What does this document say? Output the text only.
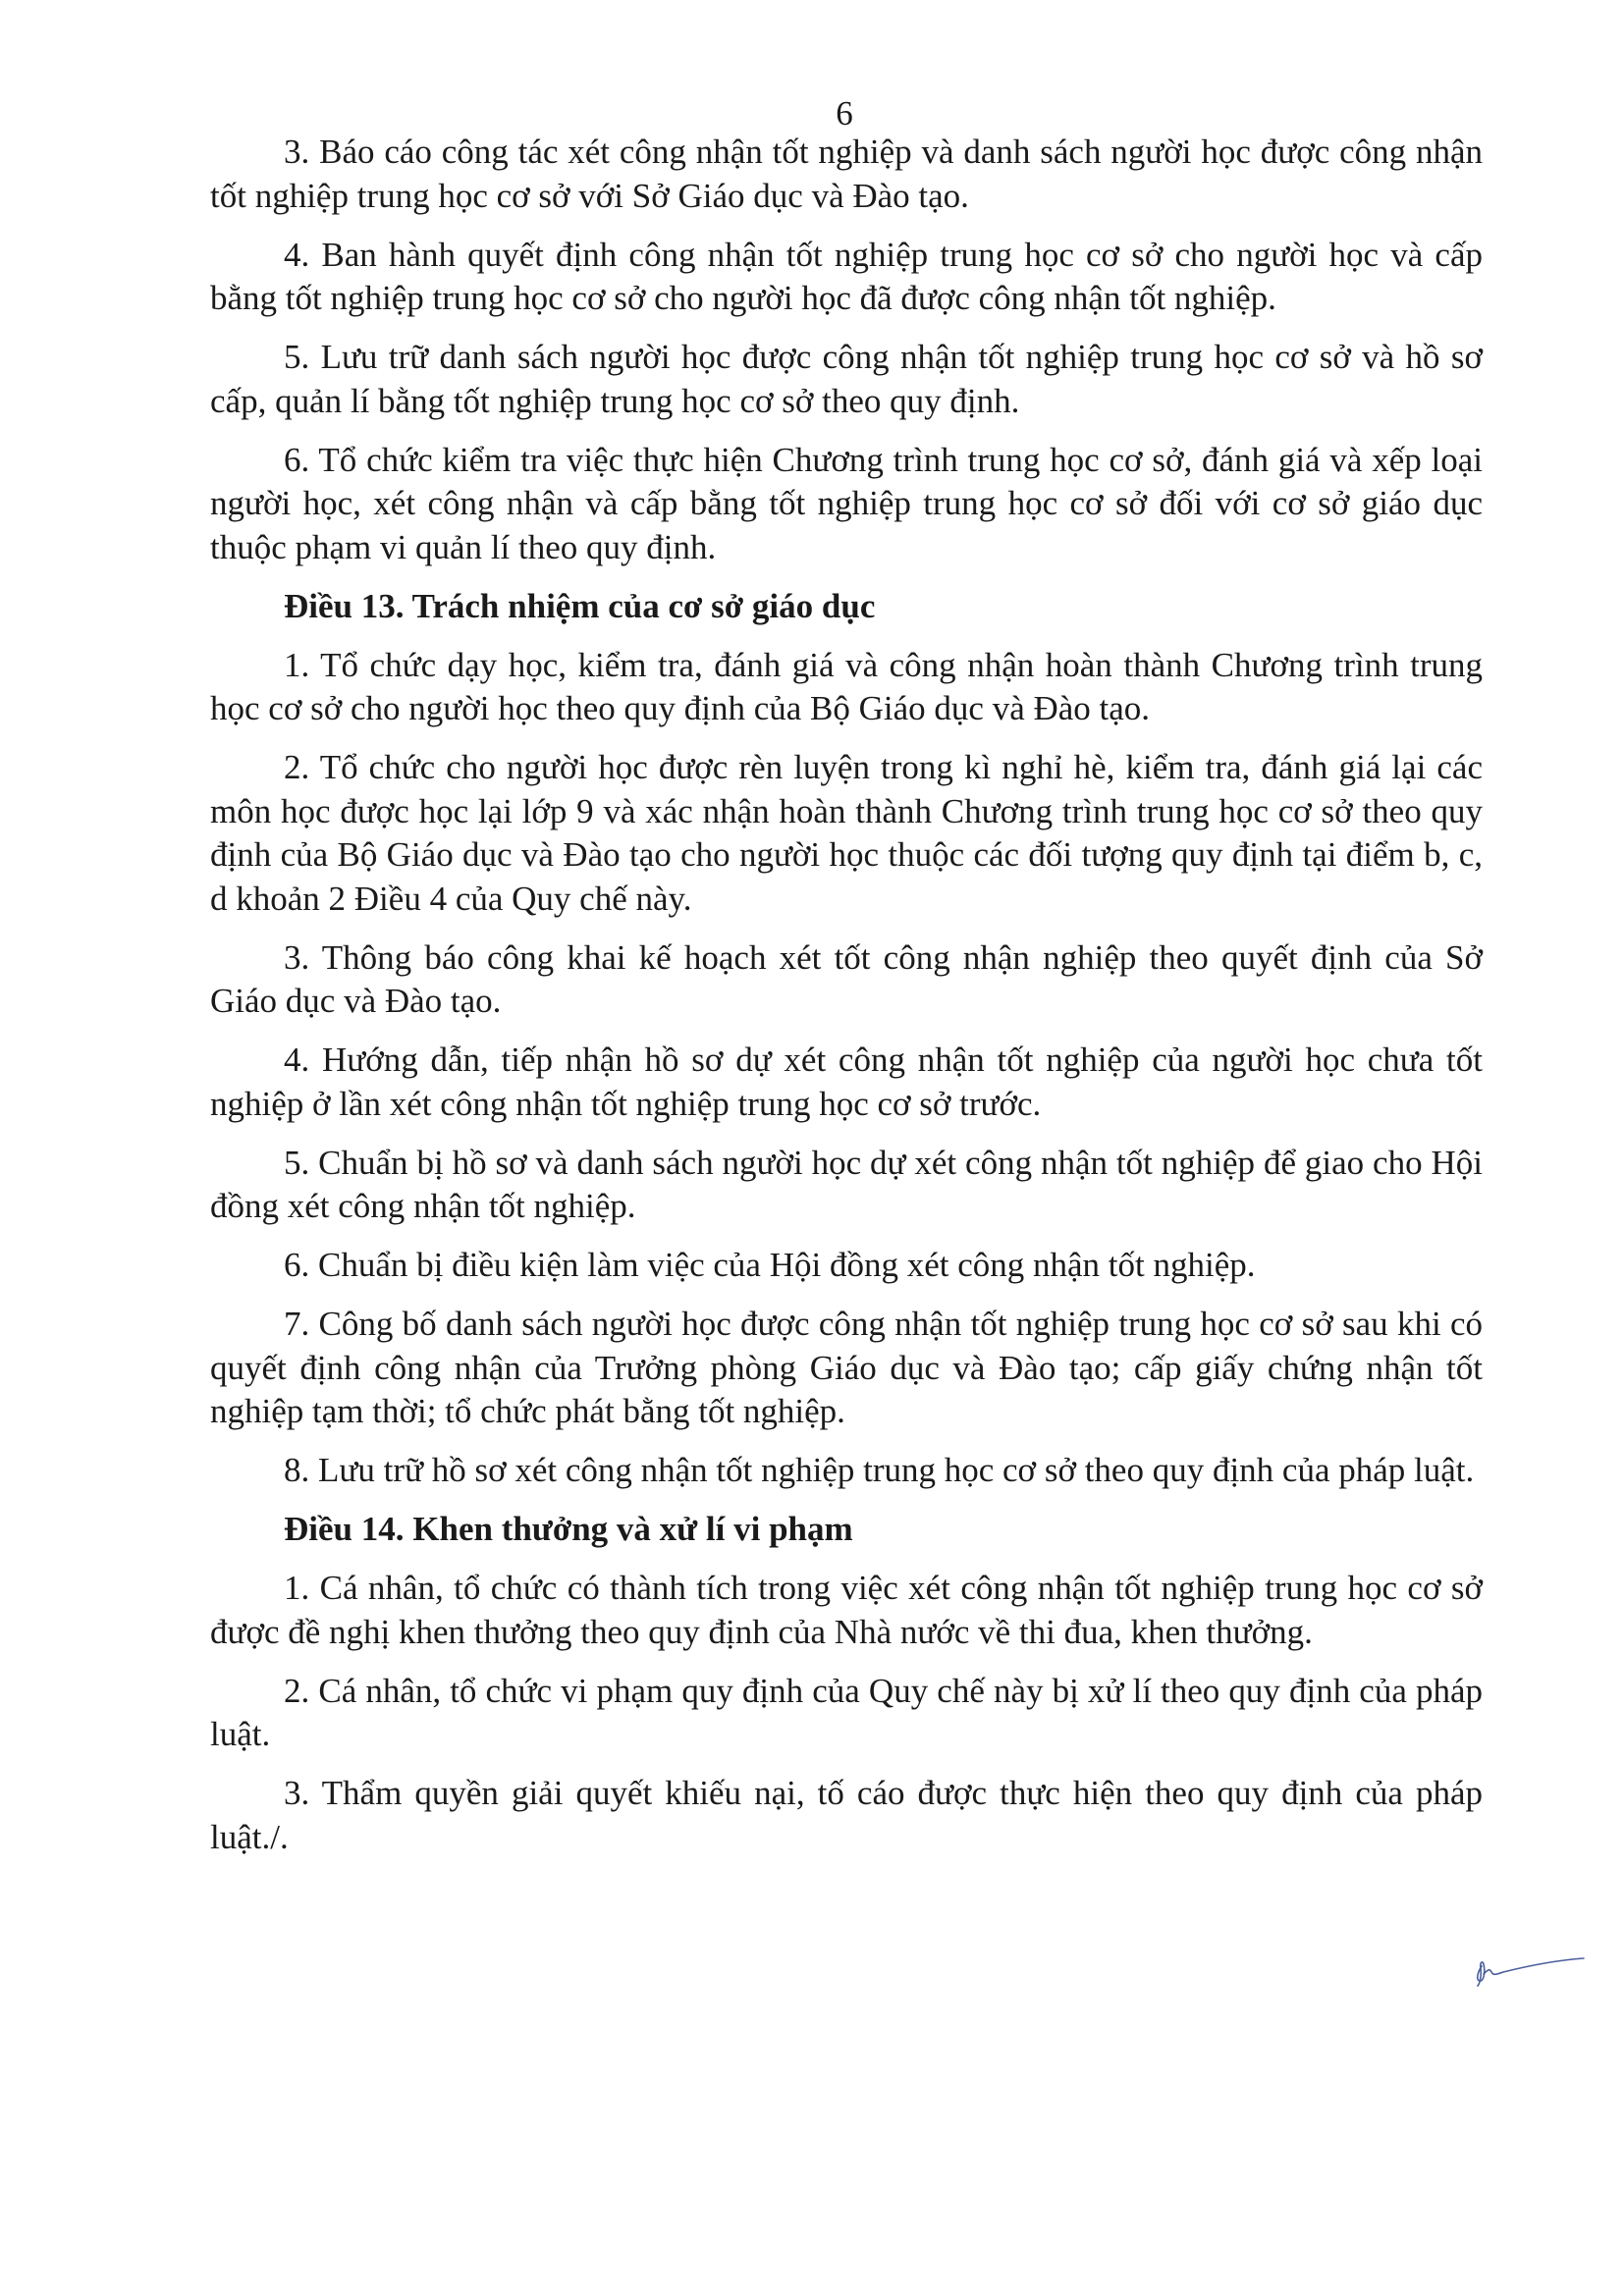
6

3. Báo cáo công tác xét công nhận tốt nghiệp và danh sách người học được công nhận tốt nghiệp trung học cơ sở với Sở Giáo dục và Đào tạo.

4. Ban hành quyết định công nhận tốt nghiệp trung học cơ sở cho người học và cấp bằng tốt nghiệp trung học cơ sở cho người học đã được công nhận tốt nghiệp.

5. Lưu trữ danh sách người học được công nhận tốt nghiệp trung học cơ sở và hồ sơ cấp, quản lí bằng tốt nghiệp trung học cơ sở theo quy định.

6. Tổ chức kiểm tra việc thực hiện Chương trình trung học cơ sở, đánh giá và xếp loại người học, xét công nhận và cấp bằng tốt nghiệp trung học cơ sở đối với cơ sở giáo dục thuộc phạm vi quản lí theo quy định.

Điều 13. Trách nhiệm của cơ sở giáo dục

1. Tổ chức dạy học, kiểm tra, đánh giá và công nhận hoàn thành Chương trình trung học cơ sở cho người học theo quy định của Bộ Giáo dục và Đào tạo.

2. Tổ chức cho người học được rèn luyện trong kì nghỉ hè, kiểm tra, đánh giá lại các môn học được học lại lớp 9 và xác nhận hoàn thành Chương trình trung học cơ sở theo quy định của Bộ Giáo dục và Đào tạo cho người học thuộc các đối tượng quy định tại điểm b, c, d khoản 2 Điều 4 của Quy chế này.

3. Thông báo công khai kế hoạch xét tốt công nhận nghiệp theo quyết định của Sở Giáo dục và Đào tạo.

4. Hướng dẫn, tiếp nhận hồ sơ dự xét công nhận tốt nghiệp của người học chưa tốt nghiệp ở lần xét công nhận tốt nghiệp trung học cơ sở trước.

5. Chuẩn bị hồ sơ và danh sách người học dự xét công nhận tốt nghiệp để giao cho Hội đồng xét công nhận tốt nghiệp.

6. Chuẩn bị điều kiện làm việc của Hội đồng xét công nhận tốt nghiệp.

7. Công bố danh sách người học được công nhận tốt nghiệp trung học cơ sở sau khi có quyết định công nhận của Trưởng phòng Giáo dục và Đào tạo; cấp giấy chứng nhận tốt nghiệp tạm thời; tổ chức phát bằng tốt nghiệp.

8. Lưu trữ hồ sơ xét công nhận tốt nghiệp trung học cơ sở theo quy định của pháp luật.

Điều 14. Khen thưởng và xử lí vi phạm

1. Cá nhân, tổ chức có thành tích trong việc xét công nhận tốt nghiệp trung học cơ sở được đề nghị khen thưởng theo quy định của Nhà nước về thi đua, khen thưởng.

2. Cá nhân, tổ chức vi phạm quy định của Quy chế này bị xử lí theo quy định của pháp luật.

3. Thẩm quyền giải quyết khiếu nại, tố cáo được thực hiện theo quy định của pháp luật./.
